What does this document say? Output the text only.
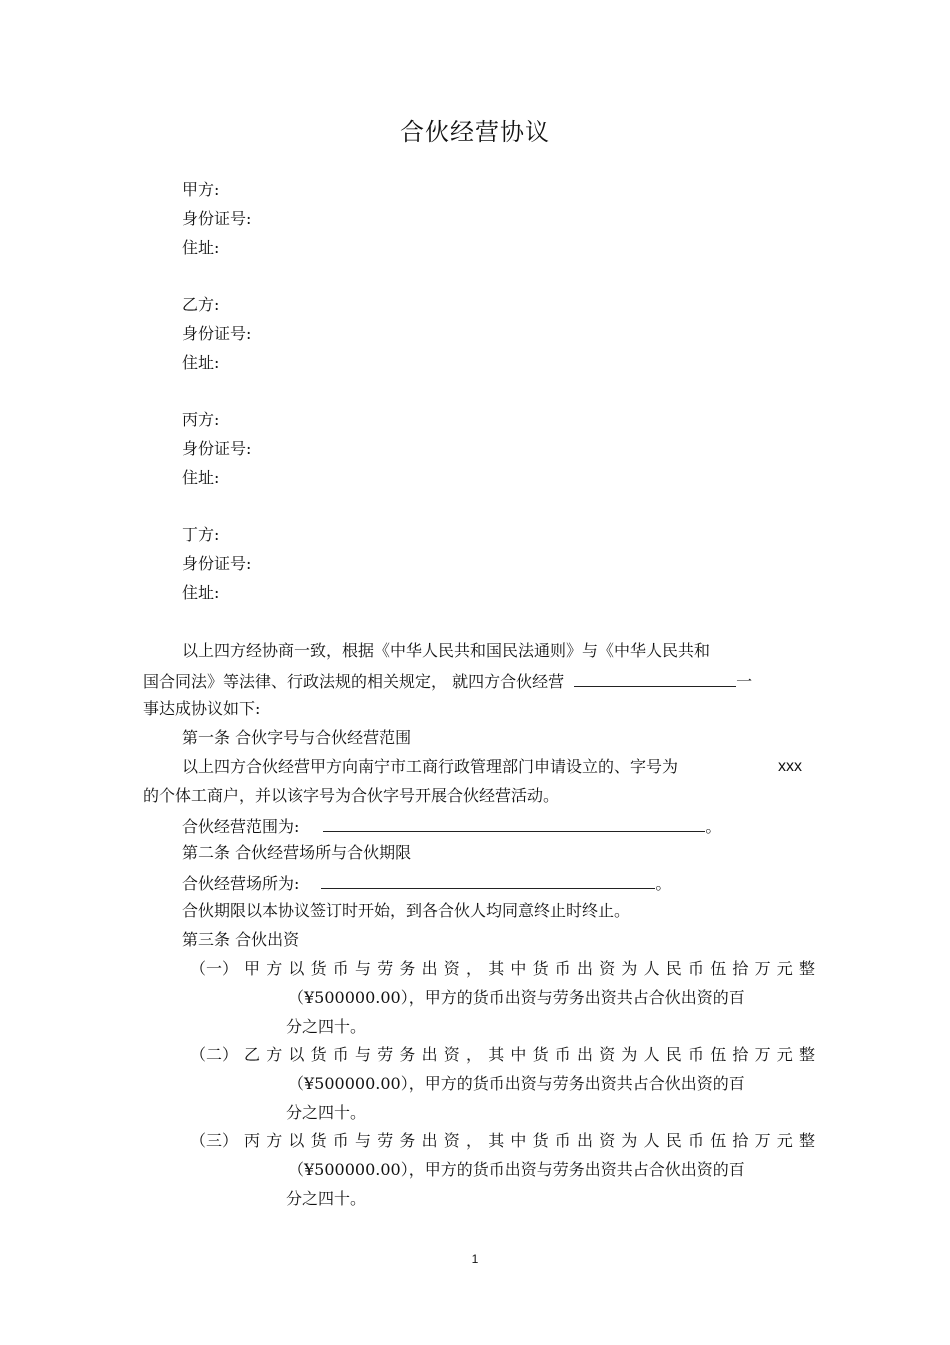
合伙经营协议
甲方:
身份证号:
住址:
乙方:
身份证号:
住址:
丙方:
身份证号:
住址:
丁方:
身份证号:
住址:
以上四方经协商一致，根据《中华人民共和国民法通则》与《中华人民共和
国合同法》等法律、行政法规的相关规定， 就四方合伙经营	一
事达成协议如下:
第一条 合伙字号与合伙经营范围
以上四方合伙经营甲方向南宁市工商行政管理部门申请设立的、字号为	xxx
的个体工商户，并以该字号为合伙字号开展合伙经营活动。
合伙经营范围为:	。
第二条 合伙经营场所与合伙期限
合伙经营场所为:	。
合伙期限以本协议签订时开始，到各合伙人均同意终止时终止。
第三条 合伙出资
（一） 甲方以货币与劳务出资，其中货币出资为人民币伍拾万元整
（¥500000.00），甲方的货币出资与劳务出资共占合伙出资的百
分之四十。
（二） 乙方以货币与劳务出资，其中货币出资为人民币伍拾万元整
（¥500000.00），甲方的货币出资与劳务出资共占合伙出资的百
分之四十。
（三） 丙方以货币与劳务出资，其中货币出资为人民币伍拾万元整
（¥500000.00），甲方的货币出资与劳务出资共占合伙出资的百
分之四十。
1
